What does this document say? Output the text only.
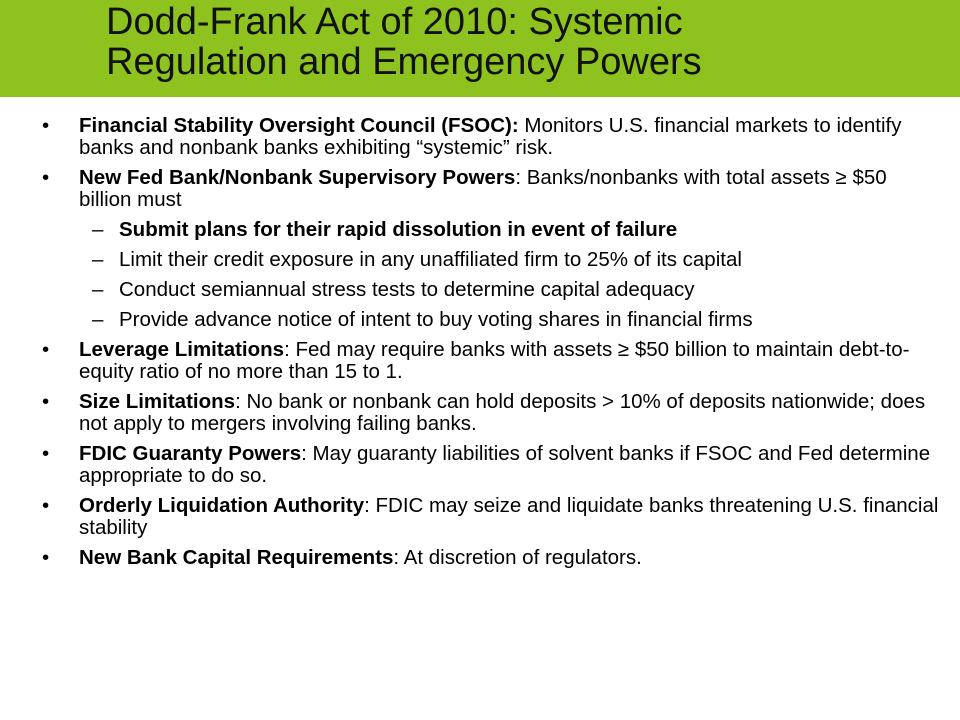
Dodd-Frank Act of 2010: Systemic
Regulation and Emergency Powers
• Financial Stability Oversight Council (FSOC): Monitors U.S. financial markets to identify banks and nonbank banks exhibiting “systemic” risk.
• New Fed Bank/Nonbank Supervisory Powers: Banks/nonbanks with total assets ≥ $50 billion must
– Submit plans for their rapid dissolution in event of failure
– Limit their credit exposure in any unaffiliated firm to 25% of its capital
– Conduct semiannual stress tests to determine capital adequacy
– Provide advance notice of intent to buy voting shares in financial firms
• Leverage Limitations: Fed may require banks with assets ≥ $50 billion to maintain debt-to-equity ratio of no more than 15 to 1.
• Size Limitations: No bank or nonbank can hold deposits > 10% of deposits nationwide; does not apply to mergers involving failing banks.
• FDIC Guaranty Powers: May guaranty liabilities of solvent banks if FSOC and Fed determine appropriate to do so.
• Orderly Liquidation Authority: FDIC may seize and liquidate banks threatening U.S. financial stability
• New Bank Capital Requirements: At discretion of regulators.
